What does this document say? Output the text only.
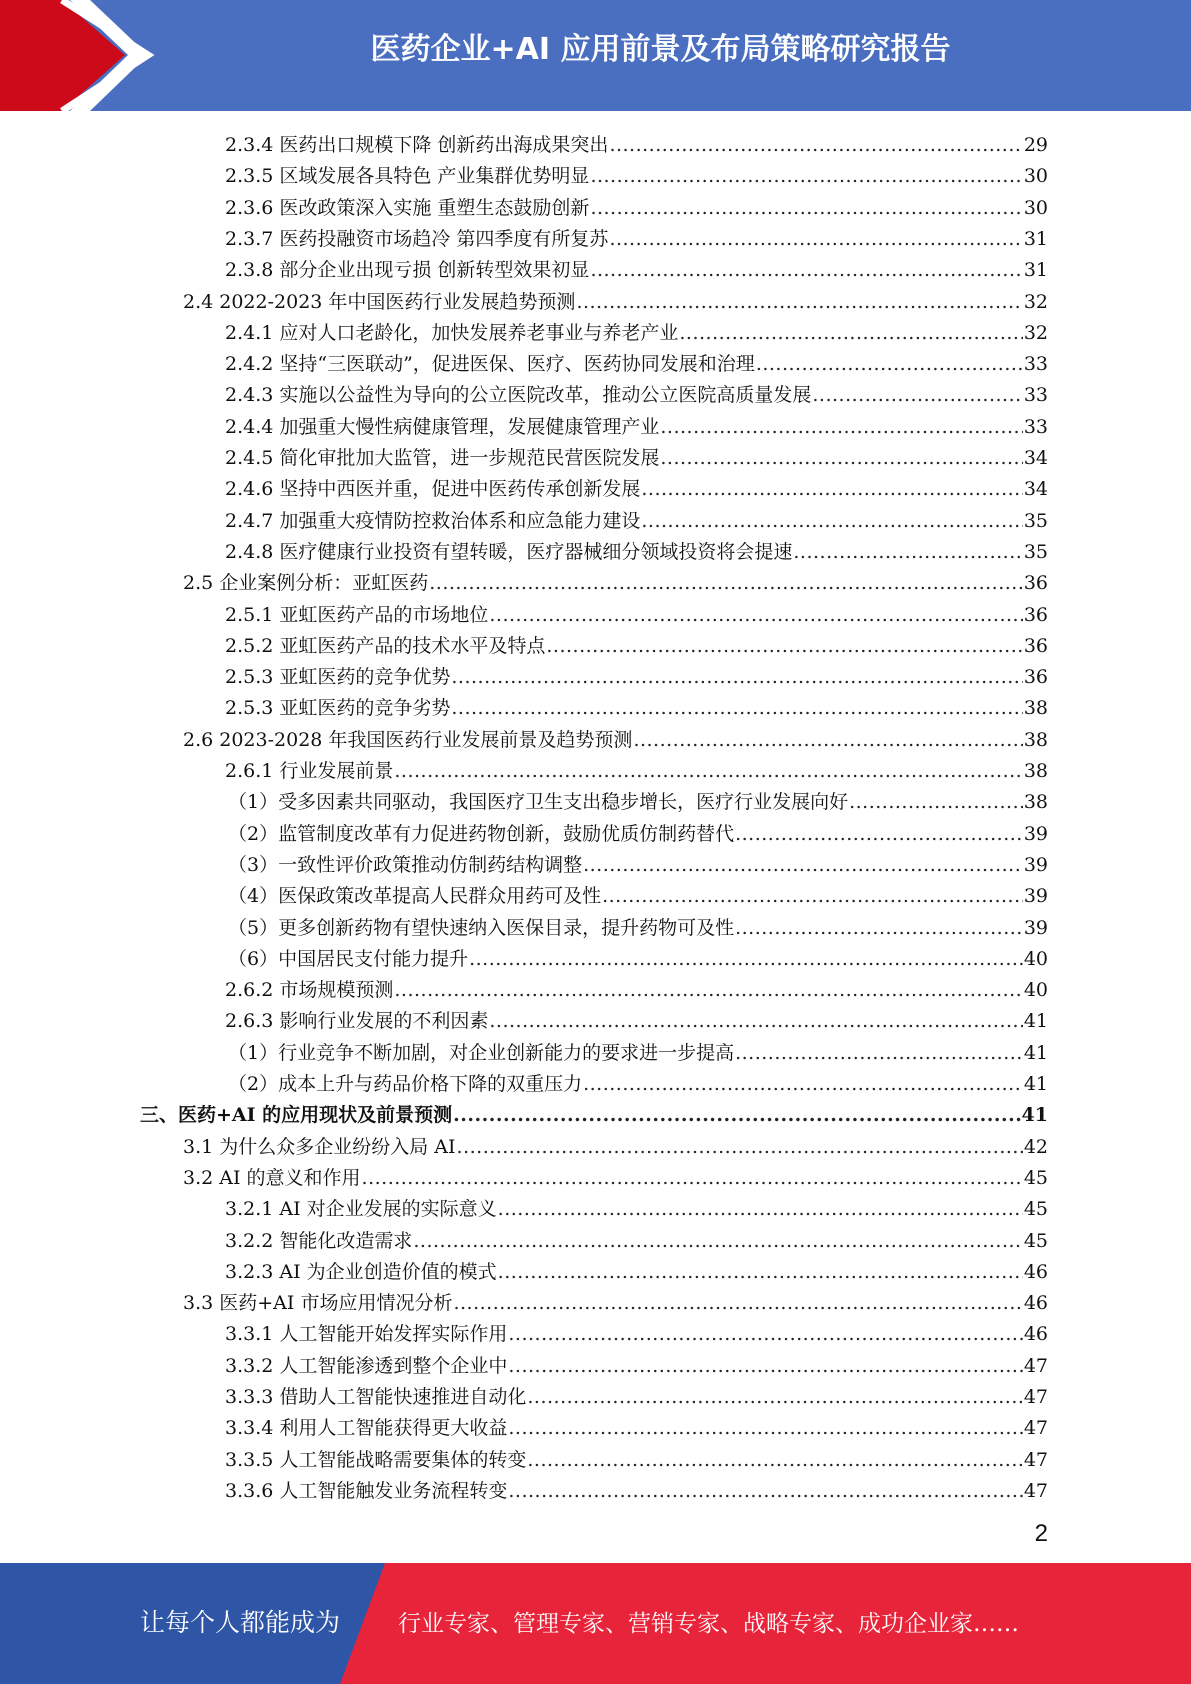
医药企业+AI 应用前景及布局策略研究报告
2.3.4 医药出口规模下降 创新药出海成果突出 .....	29
2.3.5 区域发展各具特色 产业集群优势明显 .....	30
2.3.6 医改政策深入实施 重塑生态鼓励创新 .....	30
2.3.7 医药投融资市场趋冷 第四季度有所复苏 .....	31
2.3.8 部分企业出现亏损 创新转型效果初显 .....	31
2.4 2022-2023 年中国医药行业发展趋势预测 .....	32
2.4.1 应对人口老龄化，加快发展养老事业与养老产业 .....	32
2.4.2 坚持“三医联动”，促进医保、医疗、医药协同发展和治理 .....	33
2.4.3 实施以公益性为导向的公立医院改革，推动公立医院高质量发展 .....	33
2.4.4 加强重大慢性病健康管理，发展健康管理产业 .....	33
2.4.5 简化审批加大监管，进一步规范民营医院发展 .....	34
2.4.6 坚持中西医并重，促进中医药传承创新发展 .....	34
2.4.7 加强重大疫情防控救治体系和应急能力建设 .....	35
2.4.8 医疗健康行业投资有望转暖，医疗器械细分领域投资将会提速 .....	35
2.5 企业案例分析：亚虹医药 .....	36
2.5.1 亚虹医药产品的市场地位 .....	36
2.5.2 亚虹医药产品的技术水平及特点 .....	36
2.5.3 亚虹医药的竞争优势 .....	36
2.5.3 亚虹医药的竞争劣势 .....	38
2.6 2023-2028 年我国医药行业发展前景及趋势预测 .....	38
2.6.1 行业发展前景 .....	38
（1）受多因素共同驱动，我国医疗卫生支出稳步增长，医疗行业发展向好 .....	38
（2）监管制度改革有力促进药物创新，鼓励优质仿制药替代 .....	39
（3）一致性评价政策推动仿制药结构调整 .....	39
（4）医保政策改革提高人民群众用药可及性 .....	39
（5）更多创新药物有望快速纳入医保目录，提升药物可及性 .....	39
（6）中国居民支付能力提升 .....	40
2.6.2 市场规模预测 .....	40
2.6.3 影响行业发展的不利因素 .....	41
（1）行业竞争不断加剧，对企业创新能力的要求进一步提高 .....	41
（2）成本上升与药品价格下降的双重压力 .....	41
三、医药+AI 的应用现状及前景预测 .....	41
3.1 为什么众多企业纷纷入局 AI .....	42
3.2 AI 的意义和作用 .....	45
3.2.1 AI 对企业发展的实际意义 .....	45
3.2.2 智能化改造需求 .....	45
3.2.3 AI 为企业创造价值的模式 .....	46
3.3 医药+AI 市场应用情况分析 .....	46
3.3.1 人工智能开始发挥实际作用 .....	46
3.3.2 人工智能渗透到整个企业中 .....	47
3.3.3 借助人工智能快速推进自动化 .....	47
3.3.4 利用人工智能获得更大收益 .....	47
3.3.5 人工智能战略需要集体的转变 .....	47
3.3.6 人工智能触发业务流程转变 .....	47
2
让每个人都能成为	行业专家、管理专家、营销专家、战略专家、成功企业家……
